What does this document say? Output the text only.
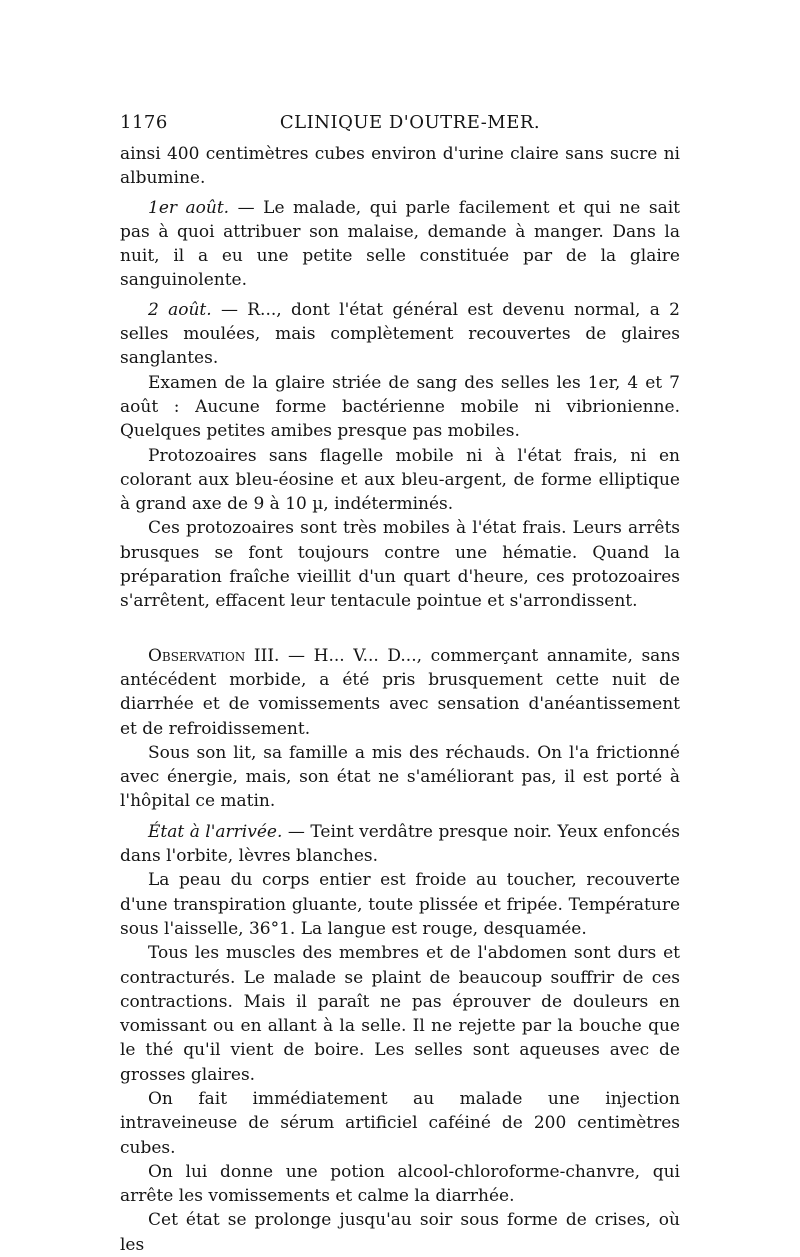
1176	CLINIQUE D'OUTRE-MER.

ainsi 400 centimètres cubes environ d'urine claire sans sucre ni albumine.

1er août. — Le malade, qui parle facilement et qui ne sait pas à quoi attribuer son malaise, demande à manger. Dans la nuit, il a eu une petite selle constituée par de la glaire sanguinolente.

2 août. — R..., dont l'état général est devenu normal, a 2 selles moulées, mais complètement recouvertes de glaires sanglantes.

Examen de la glaire striée de sang des selles les 1er, 4 et 7 août : Aucune forme bactérienne mobile ni vibrionienne. Quelques petites amibes presque pas mobiles.

Protozoaires sans flagelle mobile ni à l'état frais, ni en colorant aux bleu-éosine et aux bleu-argent, de forme elliptique à grand axe de 9 à 10 µ, indéterminés.

Ces protozoaires sont très mobiles à l'état frais. Leurs arrêts brusques se font toujours contre une hématie. Quand la préparation fraîche vieillit d'un quart d'heure, ces protozoaires s'arrêtent, effacent leur tentacule pointue et s'arrondissent.

Observation III. — H... V... D..., commerçant annamite, sans antécédent morbide, a été pris brusquement cette nuit de diarrhée et de vomissements avec sensation d'anéantissement et de refroidissement.

Sous son lit, sa famille a mis des réchauds. On l'a frictionné avec énergie, mais, son état ne s'améliorant pas, il est porté à l'hôpital ce matin.

État à l'arrivée. — Teint verdâtre presque noir. Yeux enfoncés dans l'orbite, lèvres blanches.

La peau du corps entier est froide au toucher, recouverte d'une transpiration gluante, toute plissée et fripée. Température sous l'aisselle, 36°1. La langue est rouge, desquamée.

Tous les muscles des membres et de l'abdomen sont durs et contracturés. Le malade se plaint de beaucoup souffrir de ces contractions. Mais il paraît ne pas éprouver de douleurs en vomissant ou en allant à la selle. Il ne rejette par la bouche que le thé qu'il vient de boire. Les selles sont aqueuses avec de grosses glaires.

On fait immédiatement au malade une injection intraveineuse de sérum artificiel caféiné de 200 centimètres cubes.

On lui donne une potion alcool-chloroforme-chanvre, qui arrête les vomissements et calme la diarrhée.

Cet état se prolonge jusqu'au soir sous forme de crises, où les
